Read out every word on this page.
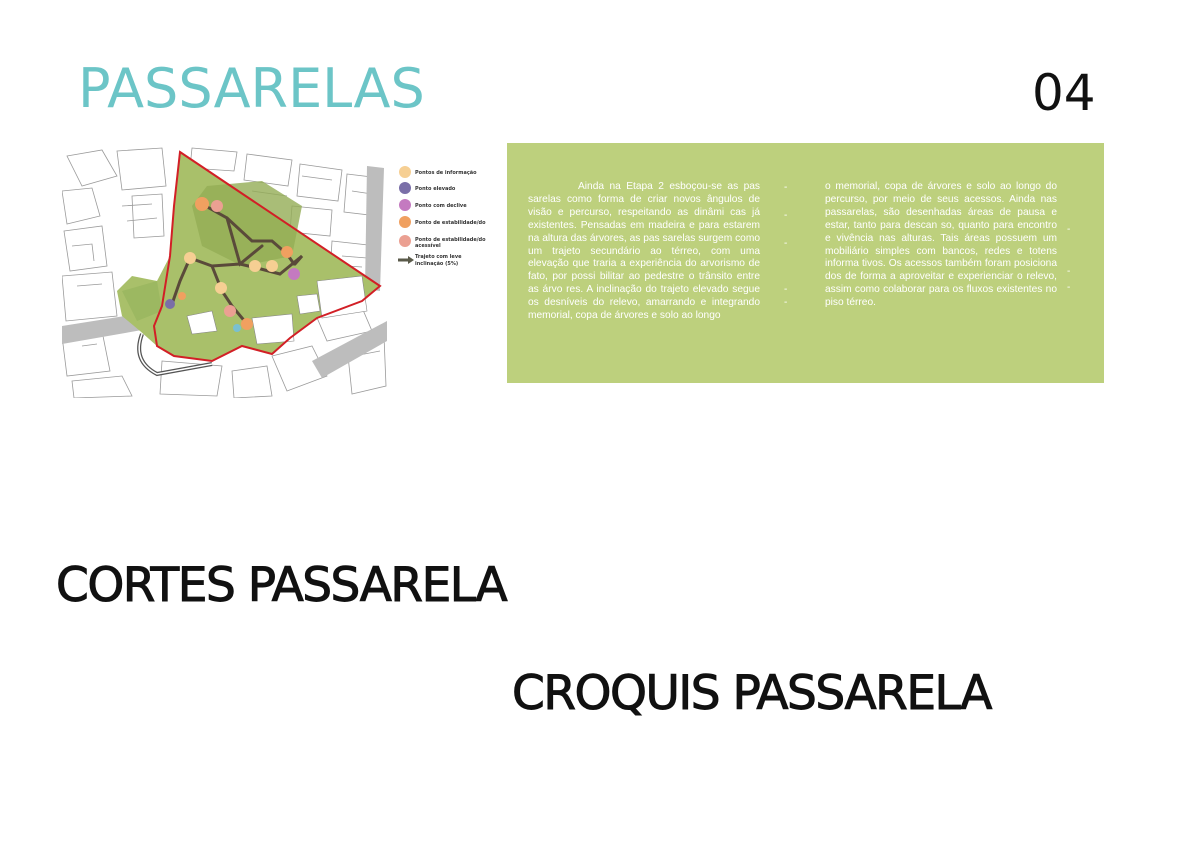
PASSARELAS	04
Pontos de informação
Ponto elevado
Ponto com declive
Ponto de estabilidade/do
Ponto de estabilidade/do
acessível
Trajeto com leve
inclinação (5%)

Ainda na Etapa 2 esboçou-se as pas sarelas como forma de criar novos ângulos de visão e percurso, respeitando as dinâmi cas já existentes. Pensadas em madeira e para estarem na altura das árvores, as pas sarelas surgem como um trajeto secundário ao térreo, com uma elevação que traria a experiência do arvorismo de fato, por possi bilitar ao pedestre o trânsito entre as árvo res. A inclinação do trajeto elevado segue os desníveis do relevo, amarrando e integrando memorial, copa de árvores e solo ao longo

o memorial, copa de árvores e solo ao longo do percurso, por meio de seus acessos. Ainda nas passarelas, são desenhadas áreas de pausa e estar, tanto para descan so, quanto para encontro e vivência nas alturas. Tais áreas possuem um mobiliário simples com bancos, redes e totens informa tivos. Os acessos também foram posiciona dos de forma a aproveitar e experienciar o relevo, assim como colaborar para os fluxos existentes no piso térreo.

-
-
-
-
-
-
-
-
CORTES PASSARELA
CROQUIS PASSARELA
